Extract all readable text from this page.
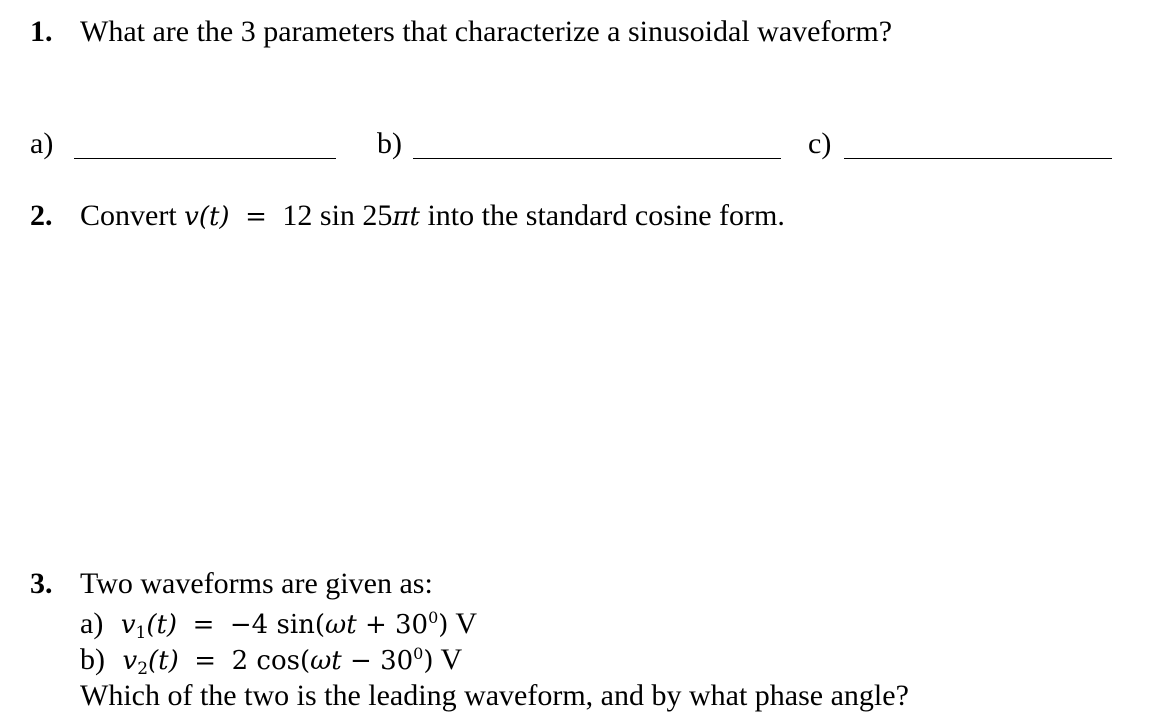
1. What are the 3 parameters that characterize a sinusoidal waveform?
a)	b)	c)
2. Convert v(t) = 12 sin 25πt into the standard cosine form.
3. Two waveforms are given as:
a) $v_1(t) = -4$ $\sin(\omega t + 30^0)$ V
b) $v_2(t) = 2$ $\cos(\omega t - 30^0)$ V
Which of the two is the leading waveform, and by what phase angle?
